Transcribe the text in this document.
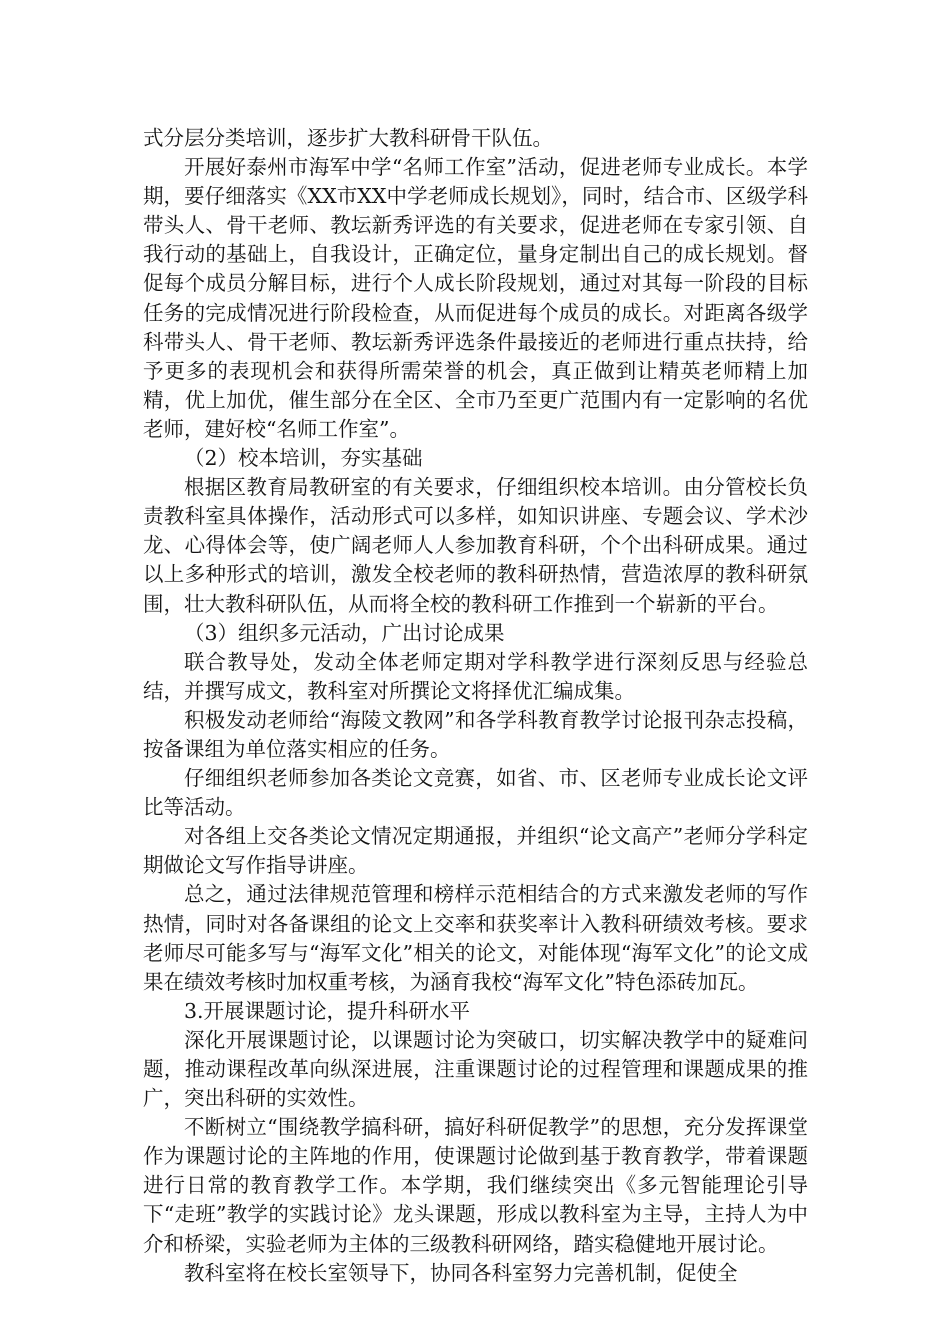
式分层分类培训，逐步扩大教科研骨干队伍。

开展好泰州市海军中学“名师工作室”活动，促进老师专业成长。本学期，要仔细落实《XX市XX中学老师成长规划》，同时，结合市、区级学科带头人、骨干老师、教坛新秀评选的有关要求，促进老师在专家引领、自我行动的基础上，自我设计，正确定位，量身定制出自己的成长规划。督促每个成员分解目标，进行个人成长阶段规划，通过对其每一阶段的目标任务的完成情况进行阶段检查，从而促进每个成员的成长。对距离各级学科带头人、骨干老师、教坛新秀评选条件最接近的老师进行重点扶持，给予更多的表现机会和获得所需荣誉的机会，真正做到让精英老师精上加精，优上加优，催生部分在全区、全市乃至更广范围内有一定影响的名优老师，建好校“名师工作室”。

（2）校本培训，夯实基础

根据区教育局教研室的有关要求，仔细组织校本培训。由分管校长负责教科室具体操作，活动形式可以多样，如知识讲座、专题会议、学术沙龙、心得体会等，使广阔老师人人参加教育科研，个个出科研成果。通过以上多种形式的培训，激发全校老师的教科研热情，营造浓厚的教科研氛围，壮大教科研队伍，从而将全校的教科研工作推到一个崭新的平台。

（3）组织多元活动，广出讨论成果

联合教导处，发动全体老师定期对学科教学进行深刻反思与经验总结，并撰写成文，教科室对所撰论文将择优汇编成集。

积极发动老师给“海陵文教网”和各学科教育教学讨论报刊杂志投稿，按备课组为单位落实相应的任务。

仔细组织老师参加各类论文竞赛，如省、市、区老师专业成长论文评比等活动。

对各组上交各类论文情况定期通报，并组织“论文高产”老师分学科定期做论文写作指导讲座。

总之，通过法律规范管理和榜样示范相结合的方式来激发老师的写作热情，同时对各备课组的论文上交率和获奖率计入教科研绩效考核。要求老师尽可能多写与“海军文化”相关的论文，对能体现“海军文化”的论文成果在绩效考核时加权重考核，为涵育我校“海军文化”特色添砖加瓦。

3.开展课题讨论，提升科研水平

深化开展课题讨论，以课题讨论为突破口，切实解决教学中的疑难问题，推动课程改革向纵深进展，注重课题讨论的过程管理和课题成果的推广，突出科研的实效性。

不断树立“围绕教学搞科研，搞好科研促教学”的思想，充分发挥课堂作为课题讨论的主阵地的作用，使课题讨论做到基于教育教学，带着课题进行日常的教育教学工作。本学期，我们继续突出《多元智能理论引导下“走班”教学的实践讨论》龙头课题，形成以教科室为主导，主持人为中介和桥梁，实验老师为主体的三级教科研网络，踏实稳健地开展讨论。

教科室将在校长室领导下，协同各科室努力完善机制，促使全
